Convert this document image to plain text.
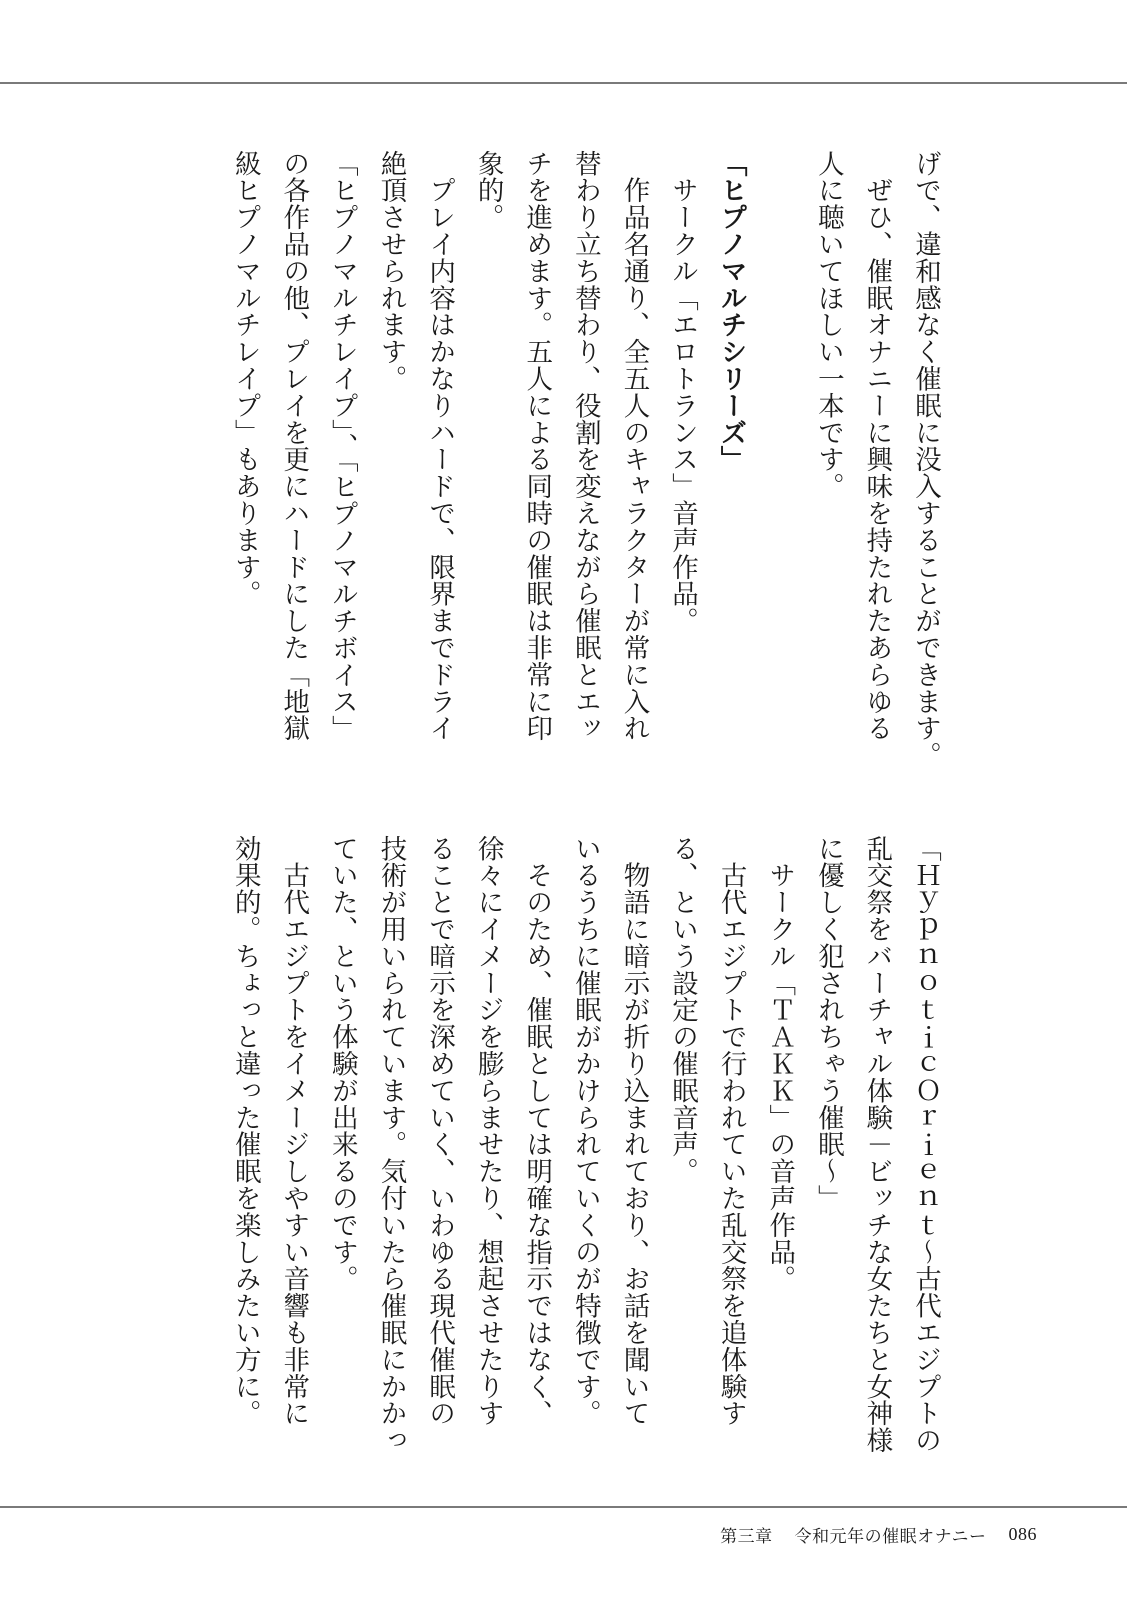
げで、違和感なく催眠に没入することができます。
　ぜひ、催眠オナニーに興味を持たれたあらゆる
人に聴いてほしい一本です。
「ヒプノマルチシリーズ」
　サークル「エロトランス」音声作品。
　作品名通り、全五人のキャラクターが常に入れ
替わり立ち替わり、役割を変えながら催眠とエッ
チを進めます。五人による同時の催眠は非常に印
象的。
　プレイ内容はかなりハードで、限界までドライ
絶頂させられます。
「ヒプノマルチレイプ」、「ヒプノマルチボイス」
の各作品の他、プレイを更にハードにした「地獄
級ヒプノマルチレイプ」もあります。
「ＨｙｐｎｏｔｉｃＯｒｉｅｎｔ～古代エジプトの
乱交祭をバーチャル体験－ビッチな女たちと女神様
に優しく犯されちゃう催眠～」
　サークル「ＴＡＫＫ」の音声作品。
　古代エジプトで行われていた乱交祭を追体験す
る、という設定の催眠音声。
　物語に暗示が折り込まれており、お話を聞いて
いるうちに催眠がかけられていくのが特徴です。
　そのため、催眠としては明確な指示ではなく、
徐々にイメージを膨らませたり、想起させたりす
ることで暗示を深めていく、いわゆる現代催眠の
技術が用いられています。気付いたら催眠にかかっ
ていた、という体験が出来るのです。
　古代エジプトをイメージしやすい音響も非常に
効果的。ちょっと違った催眠を楽しみたい方に。
第三章 令和元年の催眠オナニー 086
